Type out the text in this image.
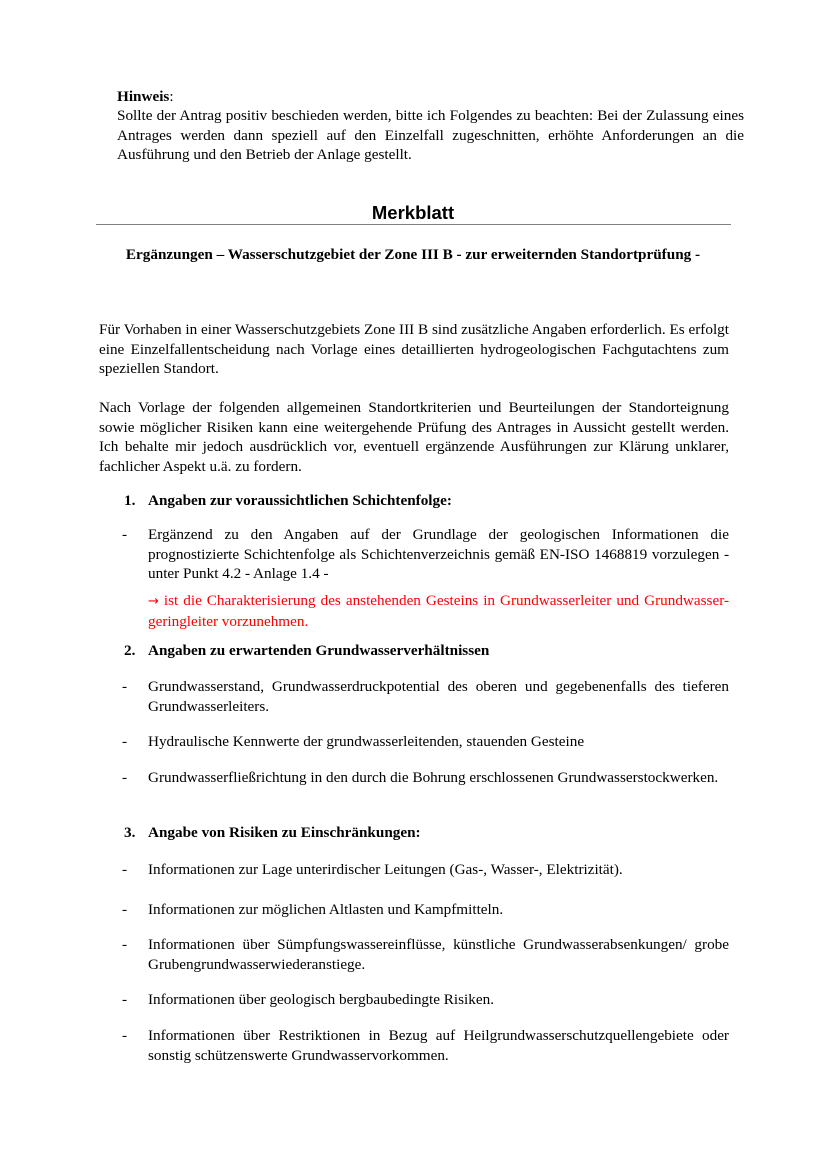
Hinweis:
Sollte der Antrag positiv beschieden werden, bitte ich Folgendes zu beachten: Bei der Zulassung eines Antrages werden dann speziell auf den Einzelfall zugeschnitten, erhöhte Anforderungen an die Ausführung und den Betrieb der Anlage gestellt.
Merkblatt
Ergänzungen – Wasserschutzgebiet der Zone III B - zur erweiternden Standortprüfung -
Für Vorhaben in einer Wasserschutzgebiets Zone III B sind zusätzliche Angaben erforderlich. Es erfolgt eine Einzelfallentscheidung nach Vorlage eines detaillierten hydrogeologischen Fachgutachtens zum speziellen Standort.
Nach Vorlage der folgenden allgemeinen Standortkriterien und Beurteilungen der Standorteignung sowie möglicher Risiken kann eine weitergehende Prüfung des Antrages in Aussicht gestellt werden. Ich behalte mir jedoch ausdrücklich vor, eventuell ergänzende Ausführungen zur Klärung unklarer, fachlicher Aspekt u.ä. zu fordern.
1. Angaben zur voraussichtlichen Schichtenfolge:
- Ergänzend zu den Angaben auf der Grundlage der geologischen Informationen die prognostizierte Schichtenfolge als Schichtenverzeichnis gemäß EN-ISO 1468819 vorzulegen - unter Punkt 4.2 - Anlage 1.4 -
→ ist die Charakterisierung des anstehenden Gesteins in Grundwasserleiter und Grundwasser-geringleiter vorzunehmen.
2. Angaben zu erwartenden Grundwasserverhältnissen
- Grundwasserstand, Grundwasserdruckpotential des oberen und gegebenenfalls des tieferen Grundwasserleiters.
- Hydraulische Kennwerte der grundwasserleitenden, stauenden Gesteine
- Grundwasserfließrichtung in den durch die Bohrung erschlossenen Grundwasserstockwerken.
3. Angabe von Risiken zu Einschränkungen:
- Informationen zur Lage unterirdischer Leitungen (Gas-, Wasser-, Elektrizität).
- Informationen zur möglichen Altlasten und Kampfmitteln.
- Informationen über Sümpfungswassereinflüsse, künstliche Grundwasserabsenkungen/ grobe Grubengrundwasserwiederanstiege.
- Informationen über geologisch bergbaubedingte Risiken.
- Informationen über Restriktionen in Bezug auf Heilgrundwasserschutzquellengebiete oder sonstig schützenswerte Grundwasservorkommen.
